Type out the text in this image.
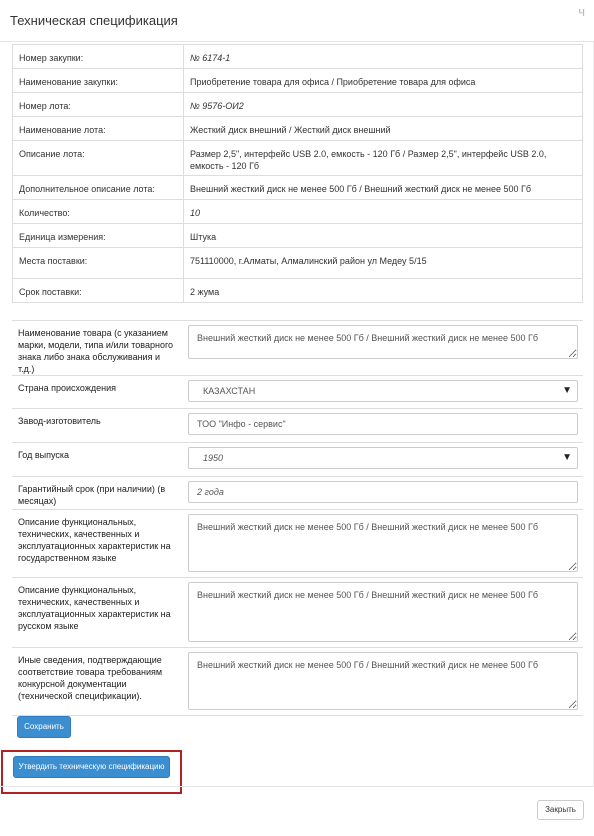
Техническая спецификация
ч
Номер закупки:	№ 6174-1
Наименование закупки:	Приобретение товара для офиса / Приобретение товара для офиса
Номер лота:	№ 9576-ОИ2
Наименование лота:	Жесткий диск внешний / Жесткий диск внешний
Описание лота:	Размер 2,5", интерфейс USB 2.0, емкость - 120 Гб / Размер 2,5", интерфейс USB 2.0, емкость - 120 Гб
Дополнительное описание лота:	Внешний жесткий диск не менее 500 Гб / Внешний жесткий диск не менее 500 Гб
Количество:	10
Единица измерения:	Штука
Места поставки:	751110000, г.Алматы, Алмалинский район ул Медеу 5/15
Срок поставки:	2 жума
Наименование товара (с указанием марки, модели, типа и/или товарного знака либо знака обслуживания и т.д.)	Внешний жесткий диск не менее 500 Гб / Внешний жесткий диск не менее 500 Гб
Страна происхождения	КАЗАХСТАН ▼

Завод-изготовитель	ТОО "Инфо - сервис"
Год выпуска	1950 ▼

Гарантийный срок (при наличии) (в месяцах)	2 года
Описание функциональных, технических, качественных и эксплуатационных характеристик на государственном языке	Внешний жесткий диск не менее 500 Гб / Внешний жесткий диск не менее 500 Гб
Описание функциональных, технических, качественных и эксплуатационных характеристик на русском языке	Внешний жесткий диск не менее 500 Гб / Внешний жесткий диск не менее 500 Гб
Иные сведения, подтверждающие соответствие товара требованиям конкурсной документации (технической спецификации).	Внешний жесткий диск не менее 500 Гб / Внешний жесткий диск не менее 500 Гб
Сохранить
Утвердить техническую спецификацию
Закрыть
